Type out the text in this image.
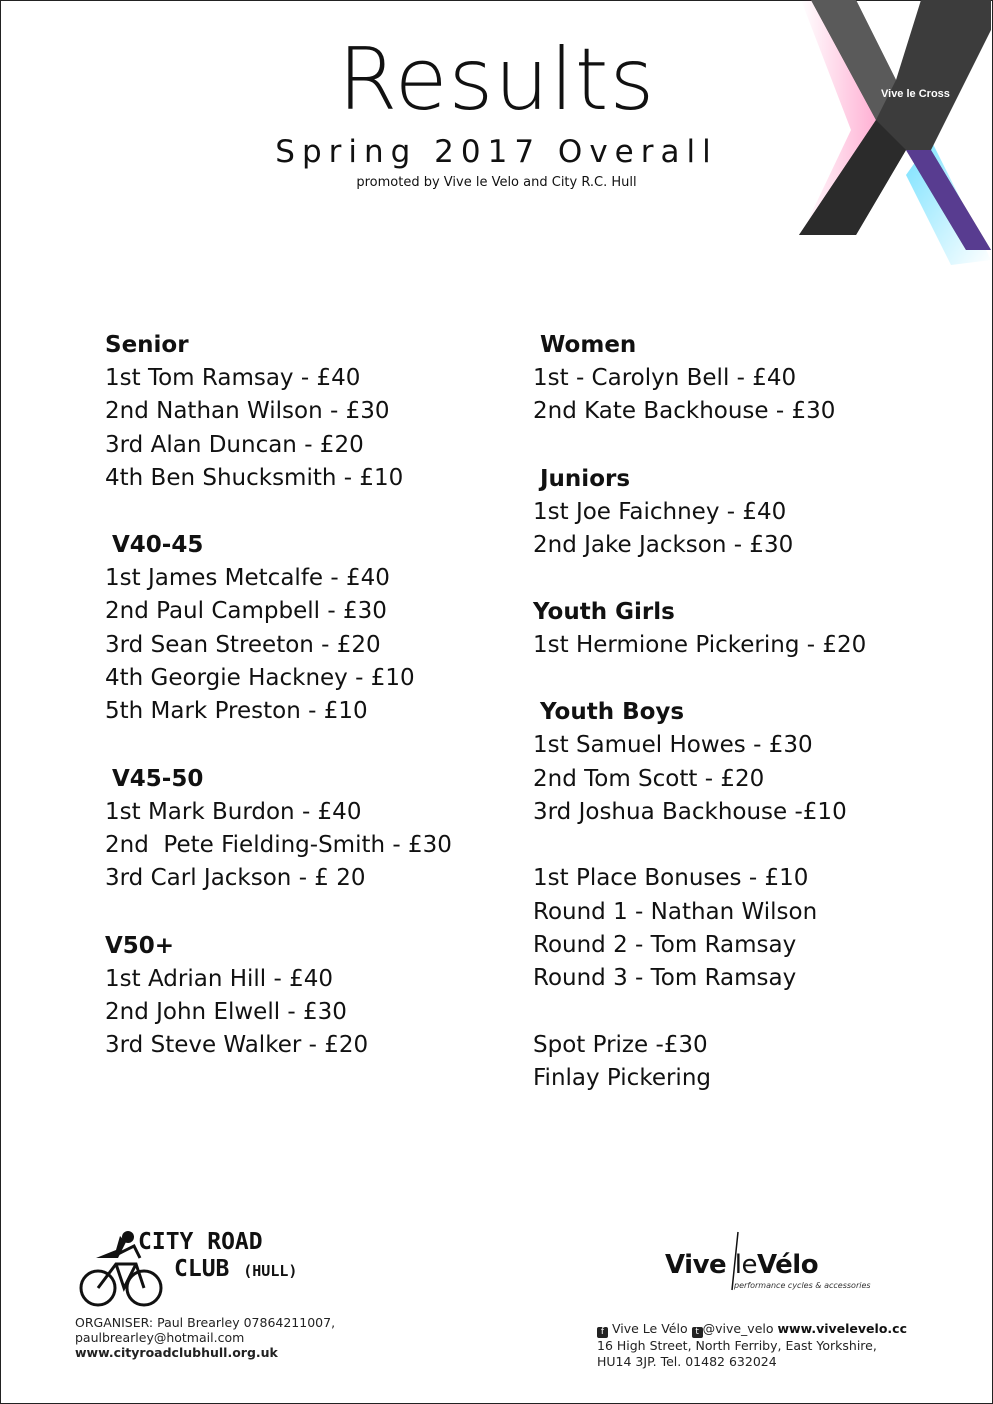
Vive le Cross
Results
Spring 2017 Overall
promoted by Vive le Velo and City R.C. Hull
Senior
1st Tom Ramsay - £40
2nd Nathan Wilson - £30
3rd Alan Duncan - £20
4th Ben Shucksmith - £10
V40-45
1st James Metcalfe - £40
2nd Paul Campbell - £30
3rd Sean Streeton - £20
4th Georgie Hackney - £10
5th Mark Preston - £10
V45-50
1st Mark Burdon - £40
2nd  Pete Fielding-Smith - £30
3rd Carl Jackson - £ 20
V50+
1st Adrian Hill - £40
2nd John Elwell - £30
3rd Steve Walker - £20
Women
1st - Carolyn Bell - £40
2nd Kate Backhouse - £30
Juniors
1st Joe Faichney - £40
2nd Jake Jackson - £30
Youth Girls
1st Hermione Pickering - £20
Youth Boys
1st Samuel Howes - £30
2nd Tom Scott - £20
3rd Joshua Backhouse -£10
1st Place Bonuses - £10
Round 1 - Nathan Wilson
Round 2 - Tom Ramsay
Round 3 - Tom Ramsay
Spot Prize -£30
Finlay Pickering
CITY ROAD
CLUB (HULL)
ORGANISER: Paul Brearley 07864211007,
paulbrearley@hotmail.com
www.cityroadclubhull.org.uk
Vive leVélo
performance cycles & accessories
f Vive Le Vélo t @vive_velo www.vivelevelo.cc
16 High Street, North Ferriby, East Yorkshire,
HU14 3JP. Tel. 01482 632024
